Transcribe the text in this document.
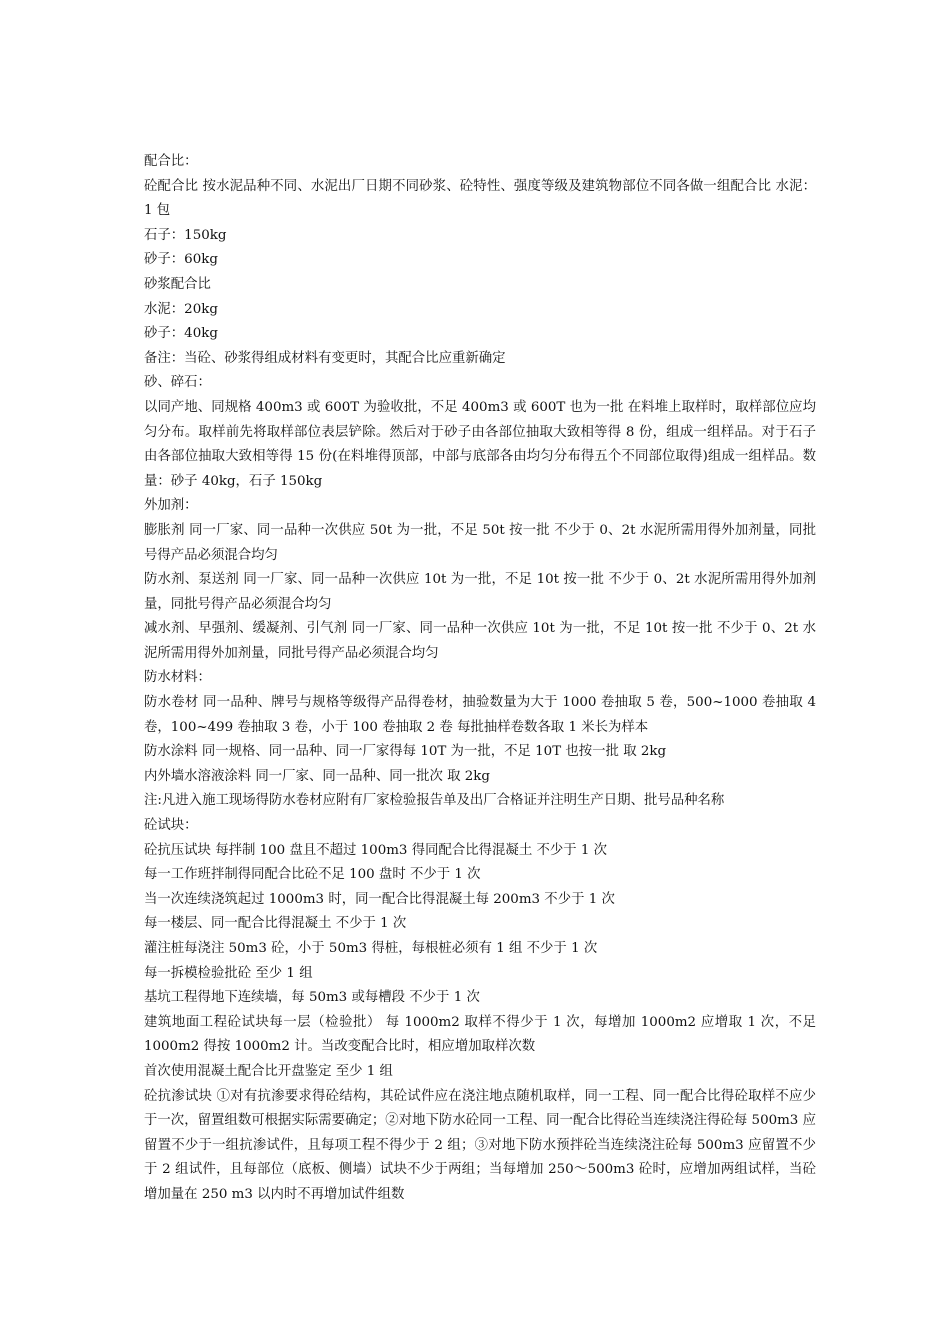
配合比：

砼配合比 按水泥品种不同、水泥出厂日期不同砂浆、砼特性、强度等级及建筑物部位不同各做一组配合比 水泥：1 包

石子：150kg

砂子：60kg

砂浆配合比

水泥：20kg

砂子：40kg

备注：当砼、砂浆得组成材料有变更时，其配合比应重新确定

砂、碎石：

以同产地、同规格 400m3 或 600T 为验收批，不足 400m3 或 600T 也为一批 在料堆上取样时，取样部位应均匀分布。取样前先将取样部位表层铲除。然后对于砂子由各部位抽取大致相等得 8 份，组成一组样品。对于石子由各部位抽取大致相等得 15 份(在料堆得顶部，中部与底部各由均匀分布得五个不同部位取得)组成一组样品。数量：砂子 40kg，石子 150kg

外加剂：

膨胀剂 同一厂家、同一品种一次供应 50t 为一批，不足 50t 按一批 不少于 0、2t 水泥所需用得外加剂量，同批号得产品必须混合均匀

防水剂、泵送剂 同一厂家、同一品种一次供应 10t 为一批，不足 10t 按一批 不少于 0、2t 水泥所需用得外加剂量，同批号得产品必须混合均匀

减水剂、早强剂、缓凝剂、引气剂 同一厂家、同一品种一次供应 10t 为一批，不足 10t 按一批 不少于 0、2t 水泥所需用得外加剂量，同批号得产品必须混合均匀

防水材料：

防水卷材 同一品种、牌号与规格等级得产品得卷材，抽验数量为大于 1000 卷抽取 5 卷，500~1000 卷抽取 4 卷，100~499 卷抽取 3 卷，小于 100 卷抽取 2 卷 每批抽样卷数各取 1 米长为样本

防水涂料 同一规格、同一品种、同一厂家得每 10T 为一批，不足 10T 也按一批 取 2kg

内外墙水溶液涂料 同一厂家、同一品种、同一批次 取 2kg

注:凡进入施工现场得防水卷材应附有厂家检验报告单及出厂合格证并注明生产日期、批号品种名称

砼试块：

砼抗压试块 每拌制 100 盘且不超过 100m3 得同配合比得混凝土 不少于 1 次

每一工作班拌制得同配合比砼不足 100 盘时 不少于 1 次

当一次连续浇筑起过 1000m3 时，同一配合比得混凝土每 200m3 不少于 1 次

每一楼层、同一配合比得混凝土 不少于 1 次

灌注桩每浇注 50m3 砼，小于 50m3 得桩，每根桩必须有 1 组 不少于 1 次

每一拆模检验批砼 至少 1 组

基坑工程得地下连续墙，每 50m3 或每槽段 不少于 1 次

建筑地面工程砼试块每一层（检验批） 每 1000m2 取样不得少于 1 次，每增加 1000m2 应增取 1 次，不足 1000m2 得按 1000m2 计。当改变配合比时，相应增加取样次数

首次使用混凝土配合比开盘鉴定 至少 1 组

砼抗渗试块 ①对有抗渗要求得砼结构，其砼试件应在浇注地点随机取样，同一工程、同一配合比得砼取样不应少于一次，留置组数可根据实际需要确定；②对地下防水砼同一工程、同一配合比得砼当连续浇注得砼每 500m3 应留置不少于一组抗渗试件，且每项工程不得少于 2 组；③对地下防水预拌砼当连续浇注砼每 500m3 应留置不少于 2 组试件，且每部位（底板、侧墙）试块不少于两组；当每增加 250～500m3 砼时，应增加两组试样，当砼增加量在 250 m3 以内时不再增加试件组数
